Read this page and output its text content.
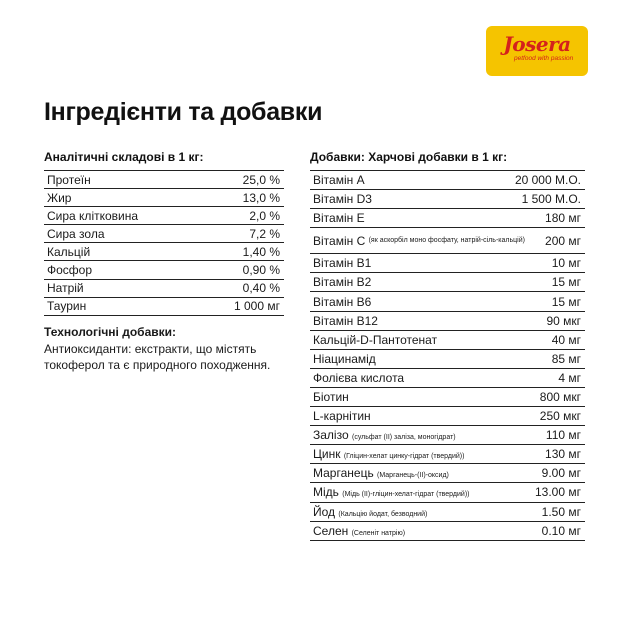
Josera
petfood with passion
Інгредієнти та добавки
Аналітичні складові в 1 кг:
Протеїн	25,0 %
Жир	13,0 %
Сира клітковина	2,0 %
Сира зола	7,2 %
Кальцій	1,40 %
Фосфор	0,90 %
Натрій	0,40 %
Таурин	1 000 мг

Технологічні добавки:

Антиоксиданти: екстракти, що містять токоферол та є природного походження.

Добавки: Харчові добавки в 1 кг:
Вітамін А	20 000 М.О.
Вітамін D3	1 500 М.О.
Вітамін Е	180 мг
Вітамін С (як аскорбіл моно фосфату, натрій-сіль-кальцій) 200 мг
Вітамін В1	10 мг
Вітамін В2	15 мг
Вітамін В6	15 мг
Вітамін В12	90 мкг
Кальцій-D-Пантотенат	40 мг
Ніацинамід	85 мг
Фолієва кислота	4 мг
Біотин	800 мкг
L-карнітин	250 мкг
Залізо (сульфат (II) заліза, моногідрат)	110 мг
Цинк (Гліцин-хелат цинку-гідрат (твердий))	130 мг
Марганець (Марганець-(II)-оксид)	9.00 мг
Мідь (Мідь (II)-гліцин-хелат-гідрат (твердий))	13.00 мг
Йод (Кальцію йодат, безводний)	1.50 мг
Селен (Селеніт натрію)	0.10 мг
